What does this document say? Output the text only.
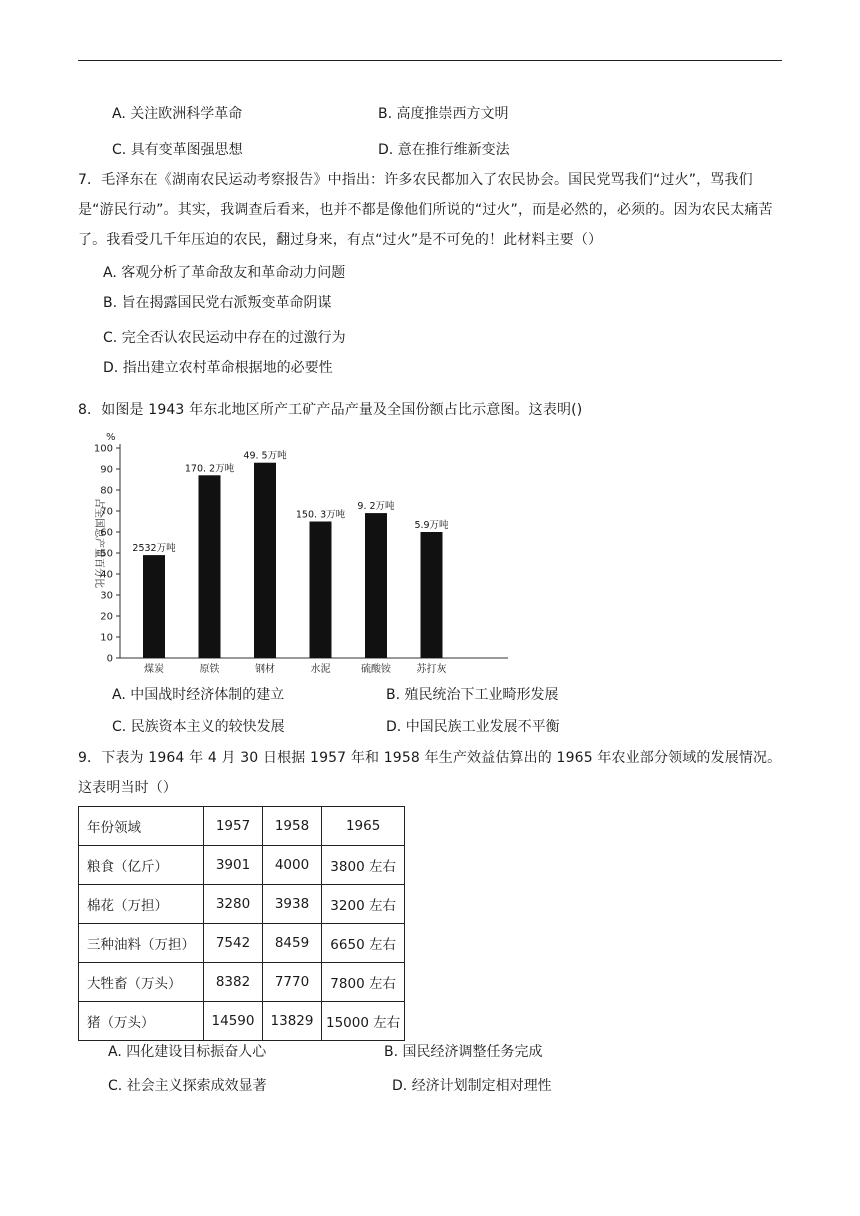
A. 关注欧洲科学革命	B. 高度推崇西方文明
C. 具有变革图强思想	D. 意在推行维新变法
7．毛泽东在《湖南农民运动考察报告》中指出：许多农民都加入了农民协会。国民党骂我们“过火”，骂我们是“游民行动”。其实，我调查后看来，也并不都是像他们所说的“过火”，而是必然的，必须的。因为农民太痛苦了。我看受几千年压迫的农民，翻过身来，有点“过火”是不可免的！此材料主要（）
A. 客观分析了革命敌友和革命动力问题
B. 旨在揭露国民党右派叛变革命阴谋
C. 完全否认农民运动中存在的过激行为
D. 指出建立农村革命根据地的必要性
8．如图是 1943 年东北地区所产工矿产品产量及全国份额占比示意图。这表明()
%
0
10
20
30
40
50
60
70
80
90
100
占全国总产量百分比	2532万吨
煤炭
170. 2万吨
原铁
49. 5万吨
钢材
150. 3万吨
水泥
9. 2万吨
硫酸铵
5.9万吨
苏打灰
A. 中国战时经济体制的建立	B. 殖民统治下工业畸形发展
C. 民族资本主义的较快发展	D. 中国民族工业发展不平衡
9．下表为 1964 年 4 月 30 日根据 1957 年和 1958 年生产效益估算出的 1965 年农业部分领域的发展情况。这表明当时（）
年份领域	1957	1958	1965
粮食（亿斤）	3901	4000	3800 左右
棉花（万担）	3280	3938	3200 左右
三种油料（万担）	7542	8459	6650 左右
大牲畜（万头）	8382	7770	7800 左右
猪（万头）	14590	13829	15000 左右
A. 四化建设目标振奋人心	B. 国民经济调整任务完成
C. 社会主义探索成效显著	D. 经济计划制定相对理性
